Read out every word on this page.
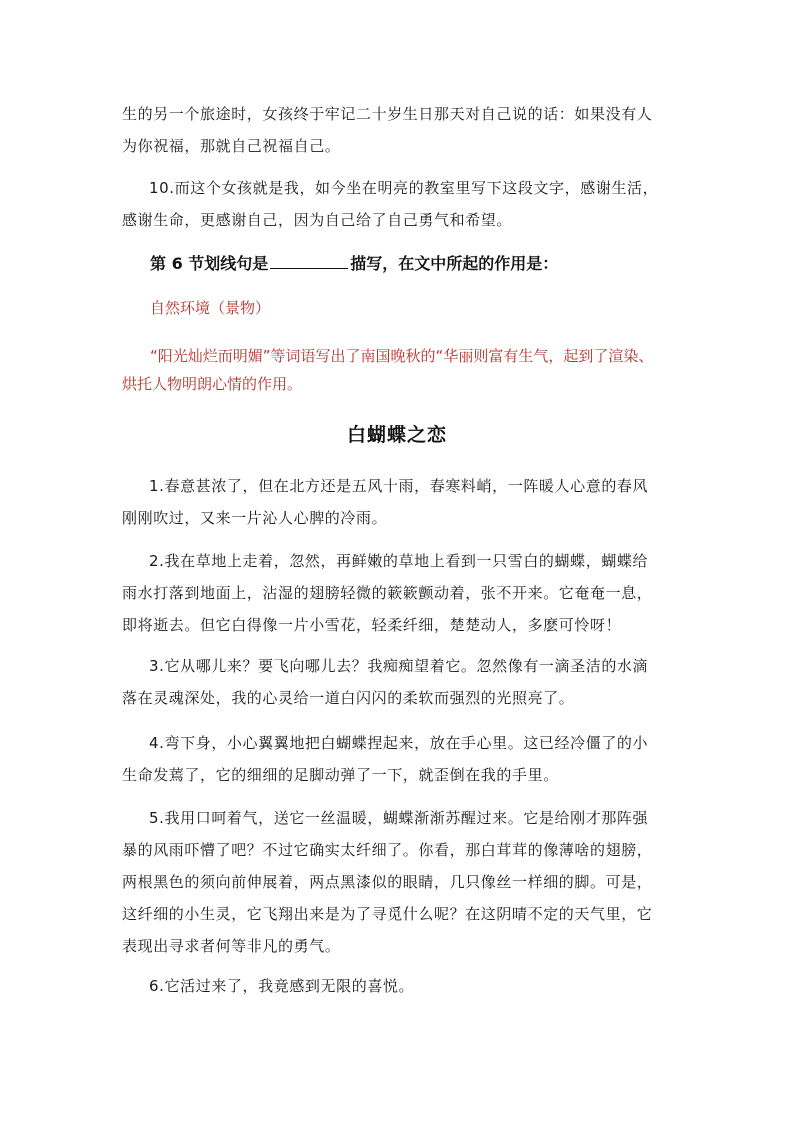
生的另一个旅途时，女孩终于牢记二十岁生日那天对自己说的话：如果没有人
为你祝福，那就自己祝福自己。
10.而这个女孩就是我，如今坐在明亮的教室里写下这段文字，感谢生活，
感谢生命，更感谢自己，因为自己给了自己勇气和希望。
第 6 节划线句是	描写，在文中所起的作用是：
自然环境（景物）
“阳光灿烂而明媚”等词语写出了南国晚秋的“华丽则富有生气，起到了渲染、
烘托人物明朗心情的作用。
白蝴蝶之恋
1.春意甚浓了，但在北方还是五风十雨，春寒料峭，一阵暖人心意的春风
刚刚吹过，又来一片沁人心脾的冷雨。
2.我在草地上走着，忽然，再鲜嫩的草地上看到一只雪白的蝴蝶，蝴蝶给
雨水打落到地面上，沾湿的翅膀轻微的簌簌颤动着，张不开来。它奄奄一息，
即将逝去。但它白得像一片小雪花，轻柔纤细，楚楚动人，多麽可怜呀！
3.它从哪儿来？要飞向哪儿去？我痴痴望着它。忽然像有一滴圣洁的水滴
落在灵魂深处，我的心灵给一道白闪闪的柔软而强烈的光照亮了。
4.弯下身，小心翼翼地把白蝴蝶捏起来，放在手心里。这已经冷僵了的小
生命发蔫了，它的细细的足脚动弹了一下，就歪倒在我的手里。
5.我用口呵着气，送它一丝温暖，蝴蝶渐渐苏醒过来。它是给刚才那阵强
暴的风雨吓懵了吧？不过它确实太纤细了。你看，那白茸茸的像薄啥的翅膀，
两根黑色的须向前伸展着，两点黑漆似的眼睛，几只像丝一样细的脚。可是，
这纤细的小生灵，它飞翔出来是为了寻觅什么呢？在这阴晴不定的天气里，它
表现出寻求者何等非凡的勇气。
6.它活过来了，我竟感到无限的喜悦。
